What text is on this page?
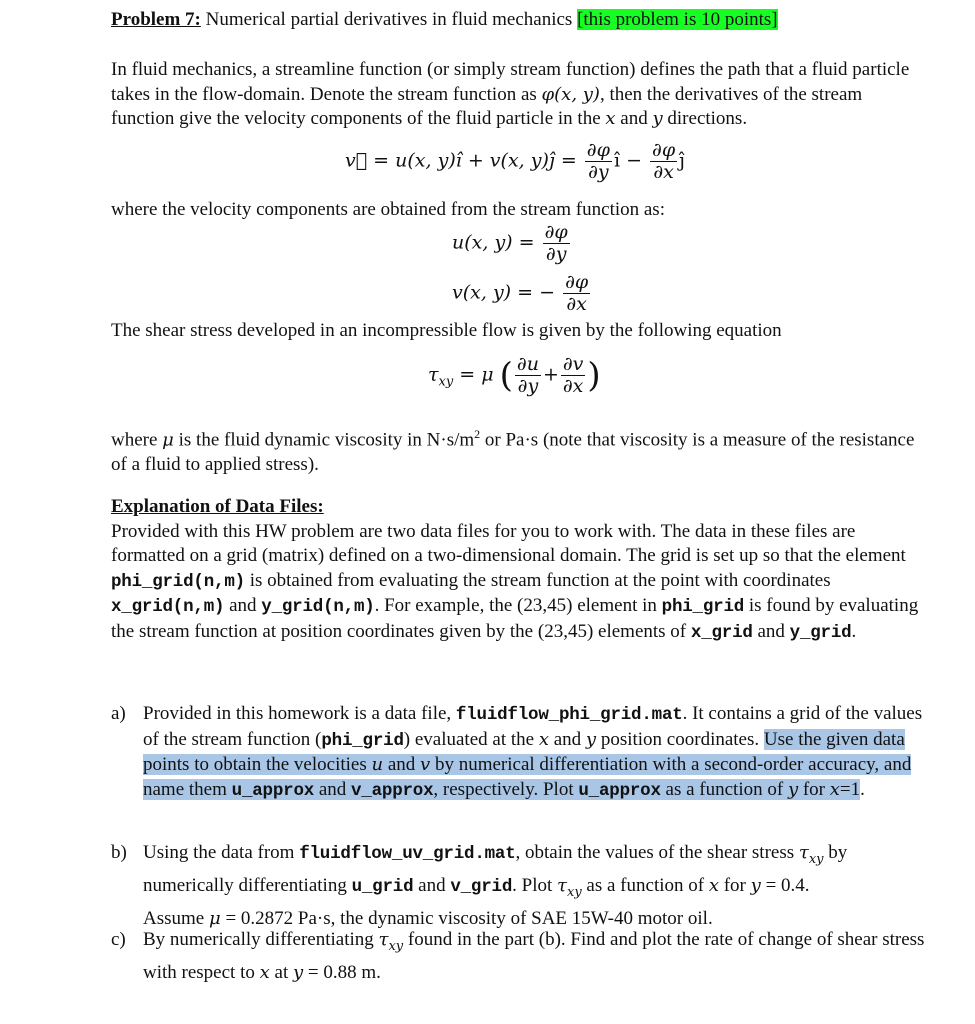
Problem 7: Numerical partial derivatives in fluid mechanics [this problem is 10 points]

In fluid mechanics, a streamline function (or simply stream function) defines the path that a fluid particle takes in the flow-domain. Denote the stream function as φ(x, y), then the derivatives of the stream function give the velocity components of the fluid particle in the x and y directions.

v⃗ = u(x, y)î + v(x, y)ĵ = $\frac{\partial\varphi}{\partial y}$ î − $\frac{\partial\varphi}{\partial x}$ ĵ

where the velocity components are obtained from the stream function as:

u(x, $y) = \frac{\partial\varphi}{\partial y}$
v(x, y) = − $\frac{\partial\varphi}{\partial x}$

The shear stress developed in an incompressible flow is given by the following equation

$\tau_{xy} = \mu$ ( $\frac{\partial u}{\partial y} + \frac{\partial v}{\partial x}$ )

where μ is the fluid dynamic viscosity in $N\cdot s/m^2$ or Pa·s (note that viscosity is a measure of the resistance of a fluid to applied stress).

Explanation of Data Files:

Provided with this HW problem are two data files for you to work with. The data in these files are formatted on a grid (matrix) defined on a two-dimensional domain. The grid is set up so that the element phi_grid(n,m) is obtained from evaluating the stream function at the point with coordinates x_grid(n,m) and y_grid(n,m). For example, the (23,45) element in phi_grid is found by evaluating the stream function at position coordinates given by the (23,45) elements of x_grid and y_grid.

a) Provided in this homework is a data file, fluidflow_phi_grid.mat. It contains a grid of the values of the stream function (phi_grid) evaluated at the x and y position coordinates. Use the given data points to obtain the velocities u and v by numerical differentiation with a second-order accuracy, and name them u_approx and v_approx, respectively. Plot u_approx as a function of y for x=1.
b) Using the data from fluidflow_uv_grid.mat, obtain the values of the shear stress $\tau_{xy}$ by numerically differentiating u_grid and v_grid. Plot $\tau_{xy}$ as a function of x for y = 0.4.
Assume μ = 0.2872 Pa·s, the dynamic viscosity of SAE 15W-40 motor oil.
c) By numerically differentiating $\tau_{xy}$ found in the part (b). Find and plot the rate of change of shear stress with respect to x at y = 0.88 m.
